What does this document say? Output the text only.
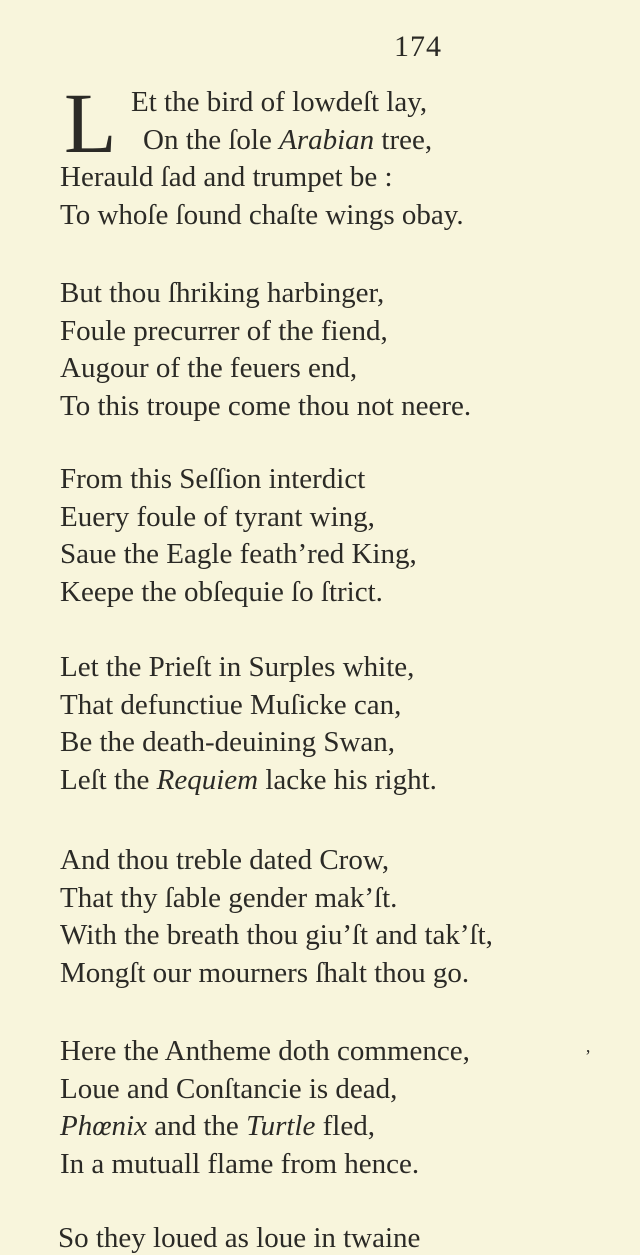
174
L Et the bird of lowdeſt lay,
On the ſole Arabian tree,
Herauld ſad and trumpet be :
To whoſe ſound chaſte wings obay.
But thou ſhriking harbinger,
Foule precurrer of the fiend,
Augour of the feuers end,
To this troupe come thou not neere.
From this Seſſion interdict
Euery foule of tyrant wing,
Saue the Eagle feath’red King,
Keepe the obſequie ſo ſtrict.
Let the Prieſt in Surples white,
That defunctiue Muſicke can,
Be the death-deuining Swan,
Leſt the Requiem lacke his right.
And thou treble dated Crow,
That thy ſable gender mak’ſt.
With the breath thou giu’ſt and tak’ſt,
Mongſt our mourners ſhalt thou go.
Here the Antheme doth commence,
Loue and Conſtancie is dead,
Phœnix and the Turtle fled,
In a mutuall flame from hence.
’
So they loued as loue in twaine
